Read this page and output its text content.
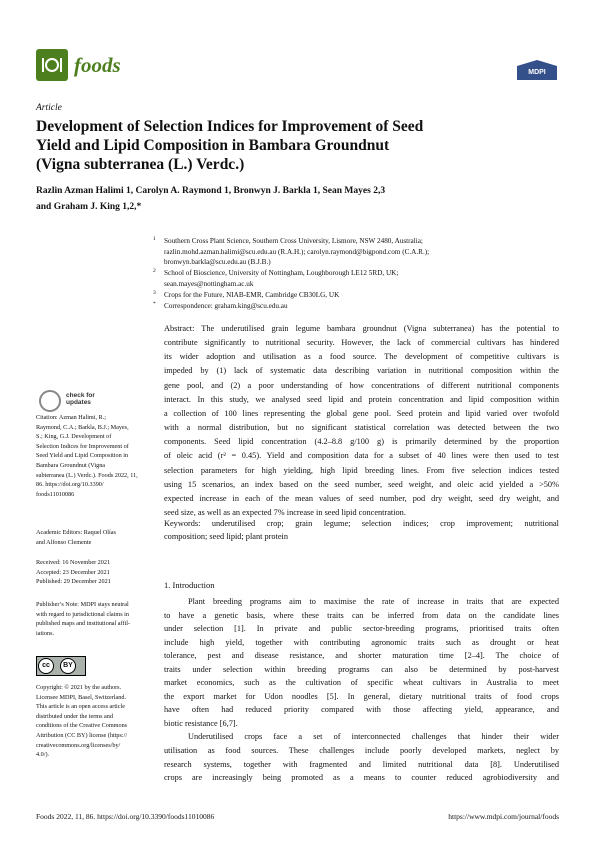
foods	MDPI
Article
Development of Selection Indices for Improvement of Seed
Yield and Lipid Composition in Bambara Groundnut
(Vigna subterranea (L.) Verdc.)
Razlin Azman Halimi 1, Carolyn A. Raymond 1, Bronwyn J. Barkla 1, Sean Mayes 2,3
and Graham J. King 1,2,*
1 Southern Cross Plant Science, Southern Cross University, Lismore, NSW 2480, Australia;
razlin.mohd.azman.halimi@scu.edu.au (R.A.H.); carolyn.raymond@bigpond.com (C.A.R.);
bronwyn.barkla@scu.edu.au (B.J.B.)
2 School of Bioscience, University of Nottingham, Loughborough LE12 5RD, UK;
sean.mayes@nottingham.ac.uk
3 Crops for the Future, NIAB-EMR, Cambridge CB30LG, UK
* Correspondence: graham.king@scu.edu.au
check for
updates
Citation: Azman Halimi, R.;
Raymond, C.A.; Barkla, B.J.; Mayes,
S.; King, G.J. Development of
Selection Indices for Improvement of
Seed Yield and Lipid Composition in
Bambara Groundnut (Vigna
subterranea (L.) Verdc.). Foods 2022, 11,
86. https://doi.org/10.3390/
foods11010086
Academic Editors: Raquel Olías
and Alfonso Clemente
Received: 16 November 2021
Accepted: 23 December 2021
Published: 29 December 2021
Publisher’s Note: MDPI stays neutral
with regard to jurisdictional claims in
published maps and institutional affil-
iations.
cc	BY
Copyright: © 2021 by the authors.
Licensee MDPI, Basel, Switzerland.
This article is an open access article
distributed under the terms and
conditions of the Creative Commons
Attribution (CC BY) license (https://
creativecommons.org/licenses/by/
4.0/).
Abstract: The underutilised grain legume bambara groundnut (Vigna subterranea) has the potential to
contribute significantly to nutritional security. However, the lack of commercial cultivars has hindered
its wider adoption and utilisation as a food source. The development of competitive cultivars is
impeded by (1) lack of systematic data describing variation in nutritional composition within the
gene pool, and (2) a poor understanding of how concentrations of different nutritional components
interact. In this study, we analysed seed lipid and protein concentration and lipid composition within
a collection of 100 lines representing the global gene pool. Seed protein and lipid varied over twofold
with a normal distribution, but no significant statistical correlation was detected between the two
components. Seed lipid concentration (4.2–8.8 g/100 g) is primarily determined by the proportion
of oleic acid (r² = 0.45). Yield and composition data for a subset of 40 lines were then used to test
selection parameters for high yielding, high lipid breeding lines. From five selection indices tested
using 15 scenarios, an index based on the seed number, seed weight, and oleic acid yielded a >50%
expected increase in each of the mean values of seed number, pod dry weight, seed dry weight, and
seed size, as well as an expected 7% increase in seed lipid concentration.
Keywords: underutilised crop; grain legume; selection indices; crop improvement; nutritional
composition; seed lipid; plant protein
1. Introduction
Plant breeding programs aim to maximise the rate of increase in traits that are expected
to have a genetic basis, where these traits can be inferred from data on the candidate lines
under selection [1]. In private and public sector-breeding programs, prioritised traits often
include high yield, together with contributing agronomic traits such as drought or heat
tolerance, pest and disease resistance, and shorter maturation time [2–4]. The choice of
traits under selection within breeding programs can also be determined by post-harvest
market economics, such as the cultivation of specific wheat cultivars in Australia to meet
the export market for Udon noodles [5]. In general, dietary nutritional traits of food crops
have often had reduced priority compared with those affecting yield, appearance, and
biotic resistance [6,7].
Underutilised crops face a set of interconnected challenges that hinder their wider
utilisation as food sources. These challenges include poorly developed markets, neglect by
research systems, together with fragmented and limited nutritional data [8]. Underutilised
crops are increasingly being promoted as a means to counter reduced agrobiodiversity and
Foods 2022, 11, 86. https://doi.org/10.3390/foods11010086	https://www.mdpi.com/journal/foods
